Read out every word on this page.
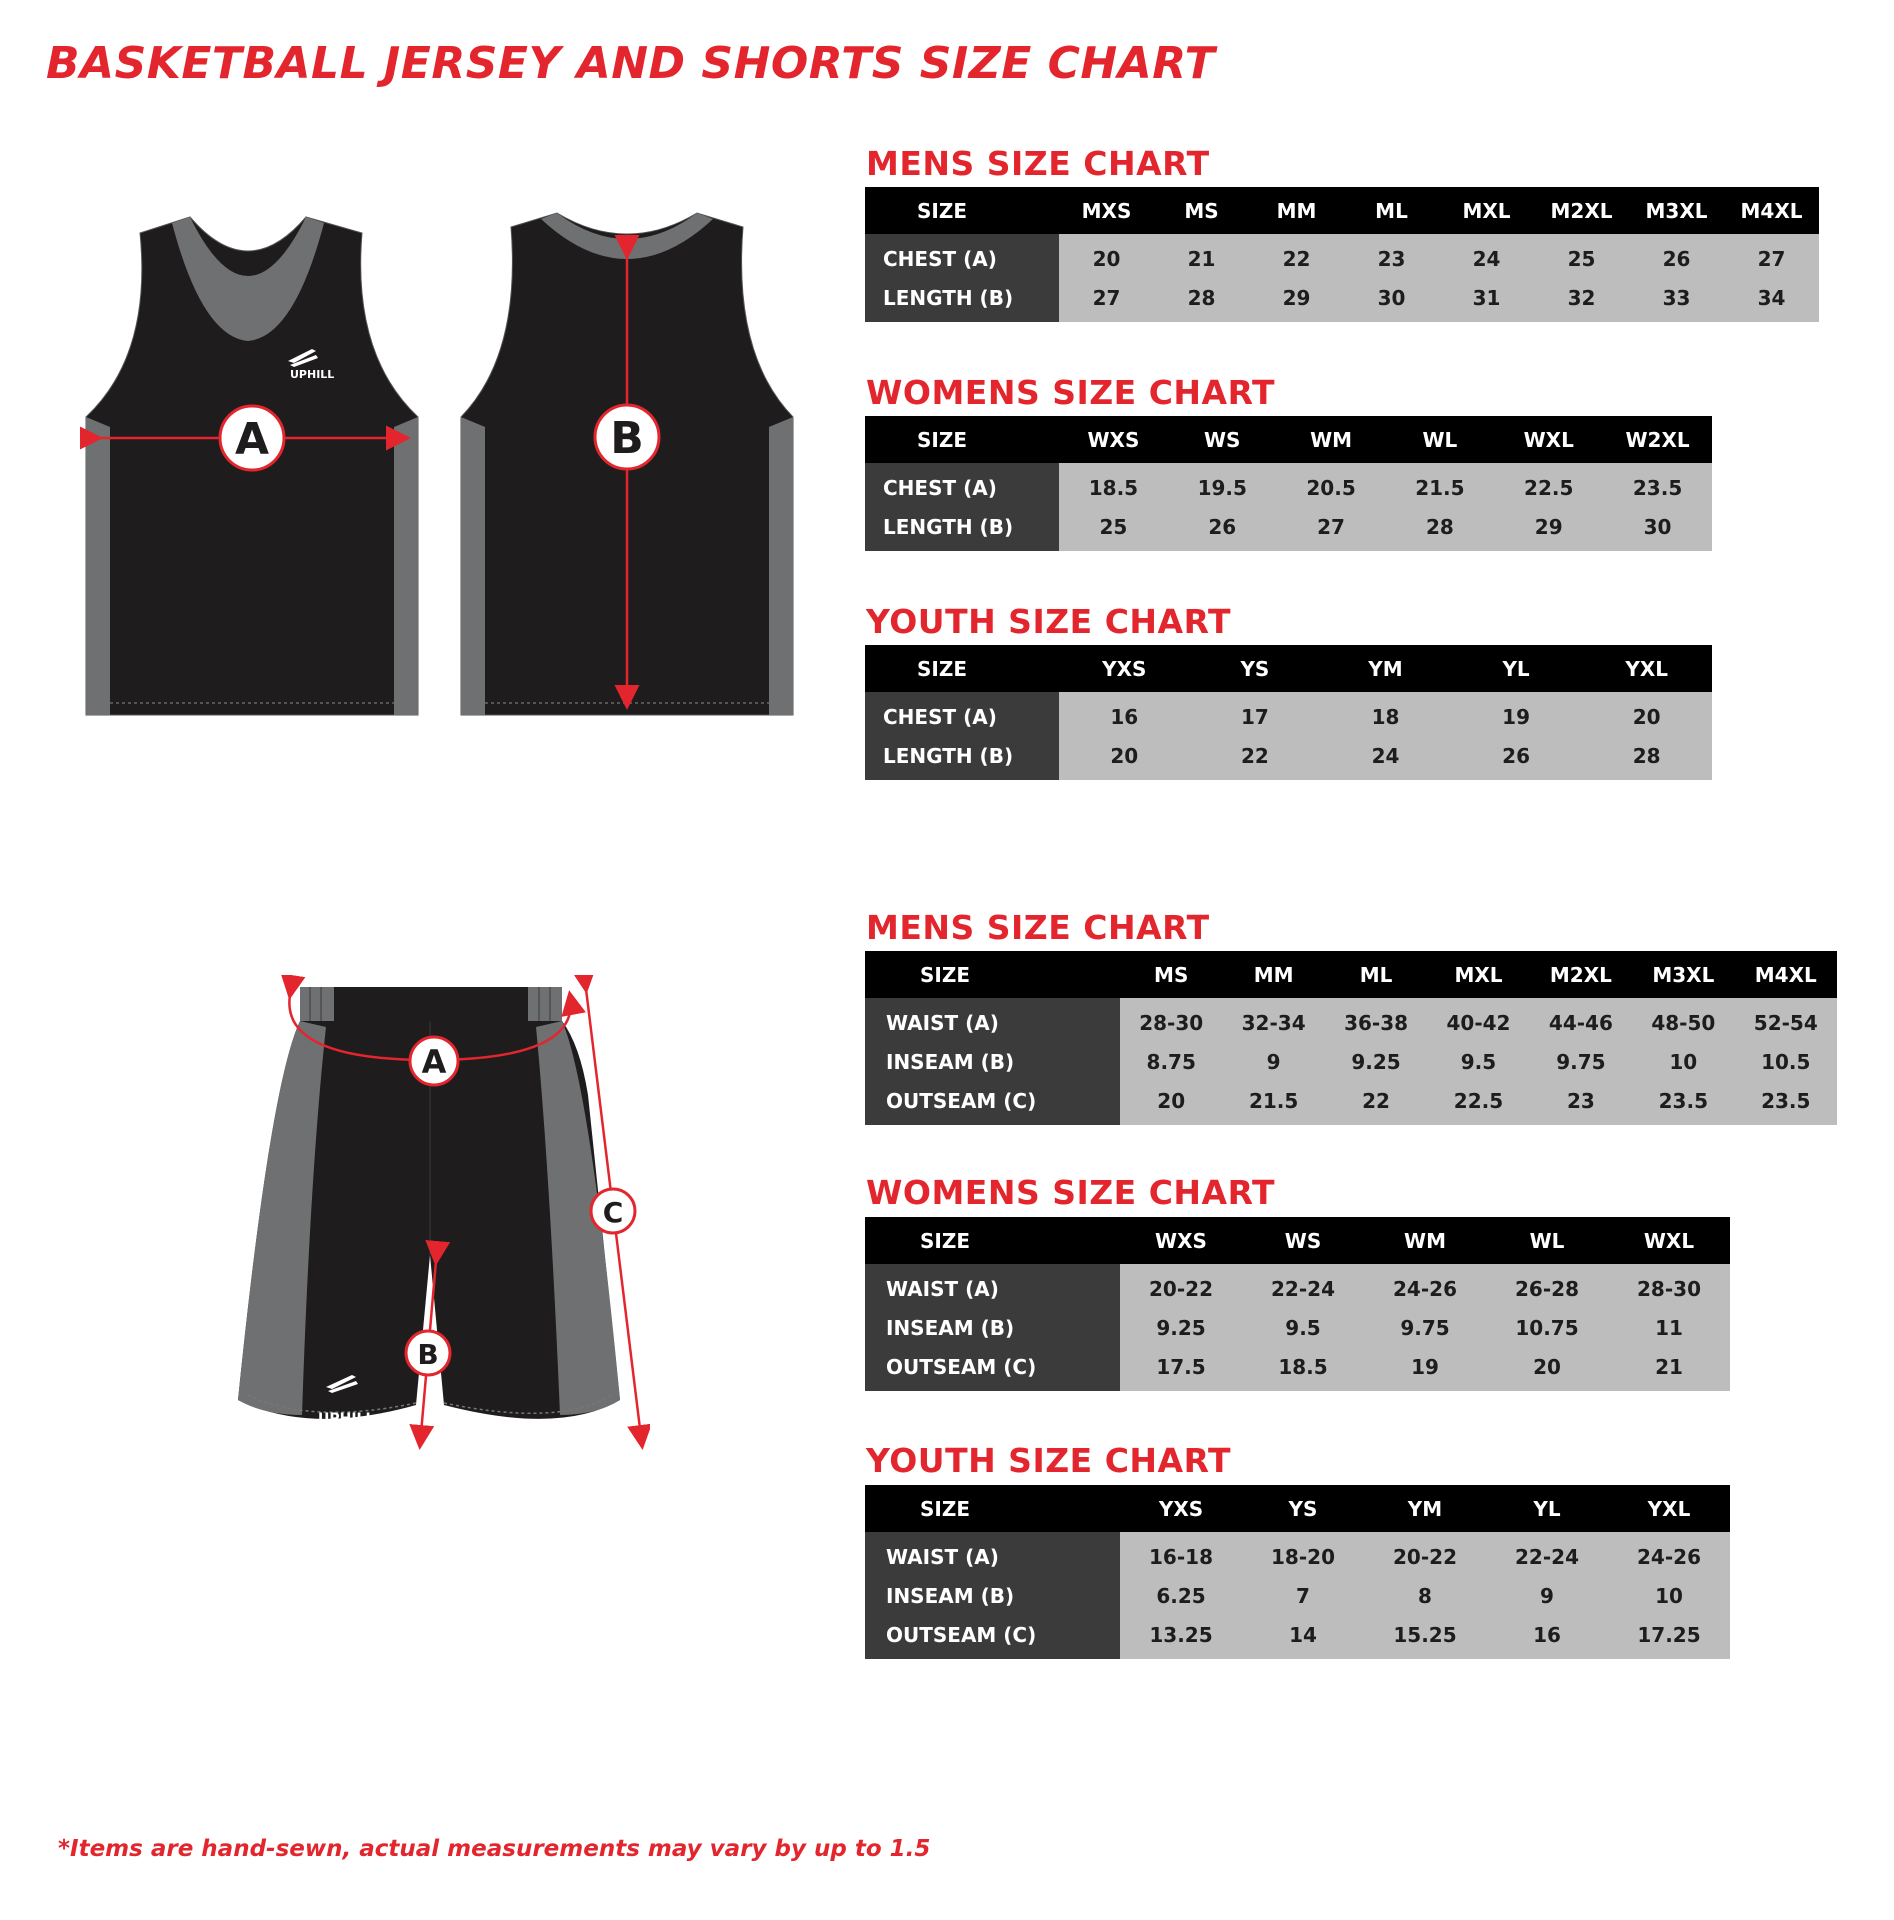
BASKETBALL JERSEY AND SHORTS SIZE CHART
UPHILL
A	B
UPHILL
A
B
C
MENS SIZE CHART
SIZE	MXS	MS	MM	ML	MXL	M2XL	M3XL	M4XL
CHEST (A)	20	21	22	23	24	25	26	27
LENGTH (B)	27	28	29	30	31	32	33	34
WOMENS SIZE CHART
SIZE	WXS	WS	WM	WL	WXL	W2XL
CHEST (A)	18.5	19.5	20.5	21.5	22.5	23.5
LENGTH (B)	25	26	27	28	29	30
YOUTH SIZE CHART
SIZE	YXS	YS	YM	YL	YXL
CHEST (A)	16	17	18	19	20
LENGTH (B)	20	22	24	26	28
MENS SIZE CHART
SIZE	MS	MM	ML	MXL	M2XL	M3XL	M4XL
WAIST (A)	28-30	32-34	36-38	40-42	44-46	48-50	52-54
INSEAM (B)	8.75	9	9.25	9.5	9.75	10	10.5
OUTSEAM (C)	20	21.5	22	22.5	23	23.5	23.5
WOMENS SIZE CHART
SIZE	WXS	WS	WM	WL	WXL
WAIST (A)	20-22	22-24	24-26	26-28	28-30
INSEAM (B)	9.25	9.5	9.75	10.75	11
OUTSEAM (C)	17.5	18.5	19	20	21
YOUTH SIZE CHART
SIZE	YXS	YS	YM	YL	YXL
WAIST (A)	16-18	18-20	20-22	22-24	24-26
INSEAM (B)	6.25	7	8	9	10
OUTSEAM (C)	13.25	14	15.25	16	17.25

*Items are hand-sewn, actual measurements may vary by up to 1.5
